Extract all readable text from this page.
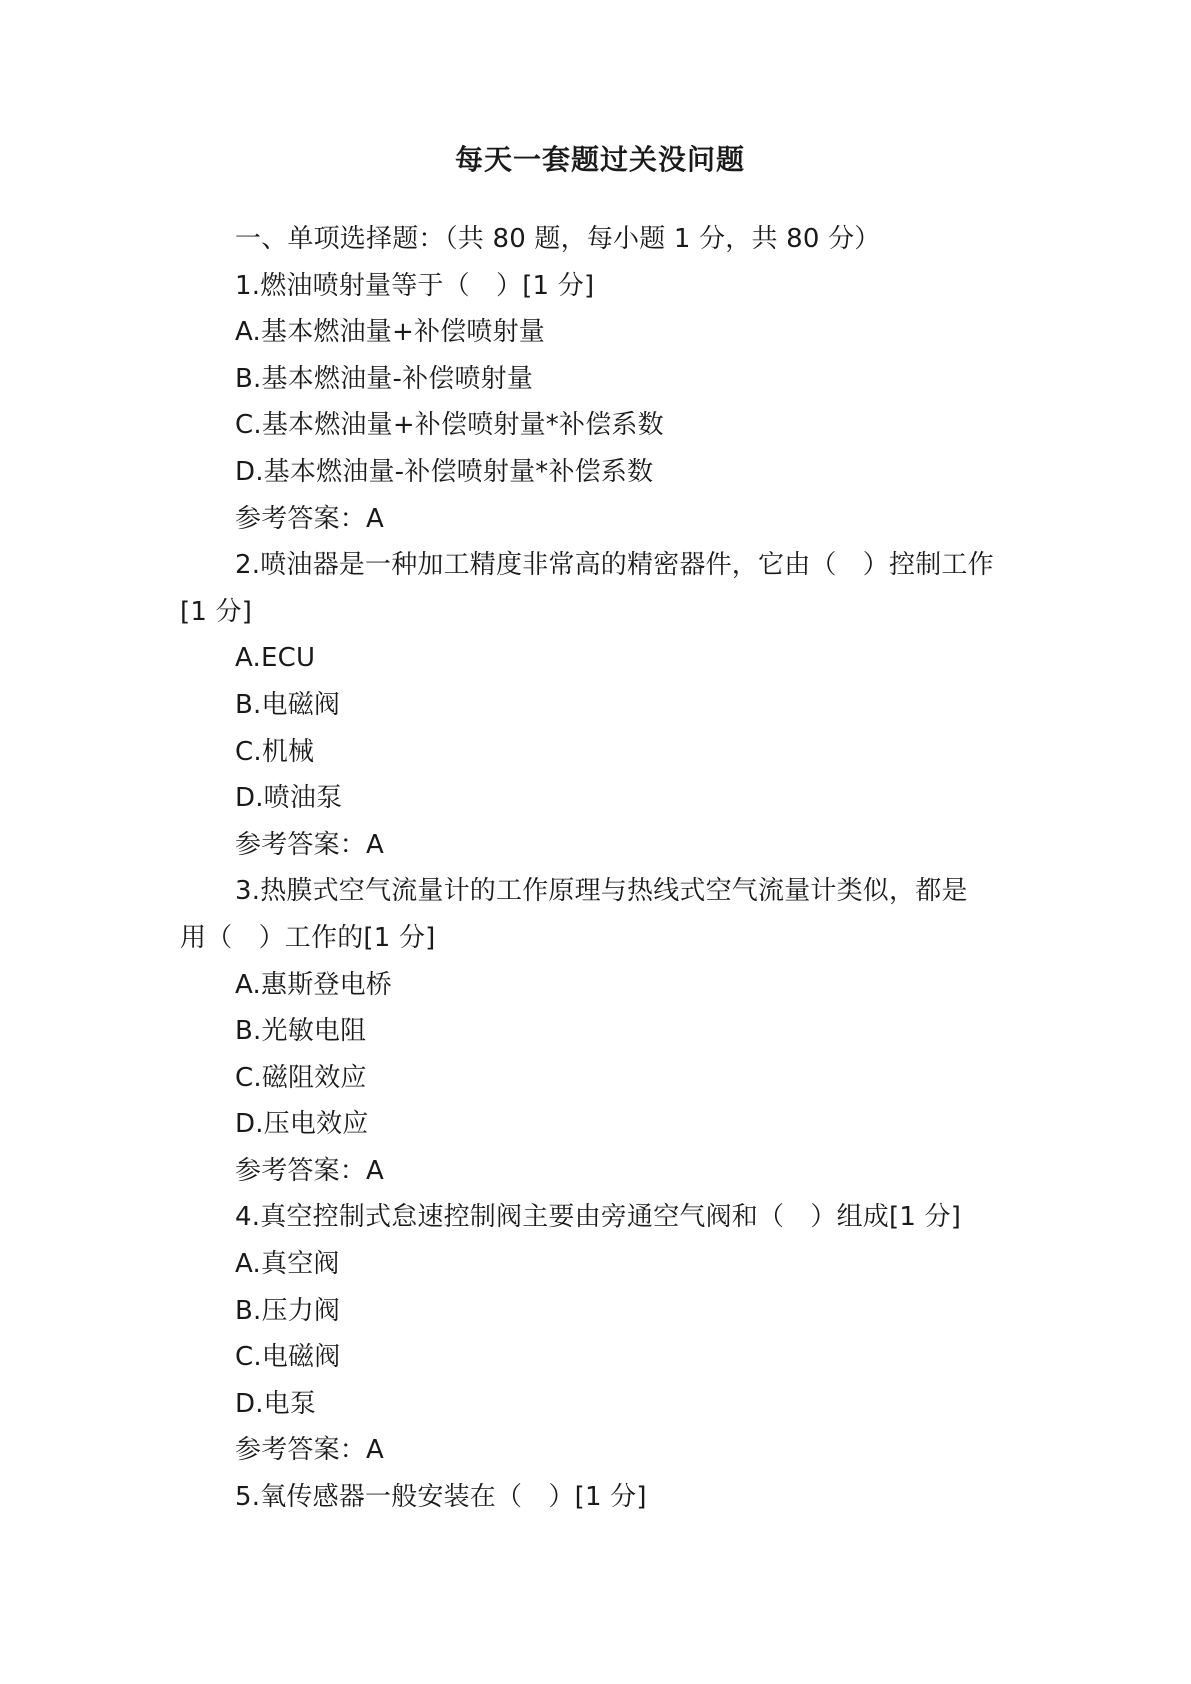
每天一套题过关没问题
一、单项选择题：（共 80 题，每小题 1 分，共 80 分）
1.燃油喷射量等于（　）[1 分]
A.基本燃油量+补偿喷射量
B.基本燃油量-补偿喷射量
C.基本燃油量+补偿喷射量*补偿系数
D.基本燃油量-补偿喷射量*补偿系数
参考答案：A
2.喷油器是一种加工精度非常高的精密器件，它由（　）控制工作
[1 分]
A.ECU
B.电磁阀
C.机械
D.喷油泵
参考答案：A
3.热膜式空气流量计的工作原理与热线式空气流量计类似，都是
用（　）工作的[1 分]
A.惠斯登电桥
B.光敏电阻
C.磁阻效应
D.压电效应
参考答案：A
4.真空控制式怠速控制阀主要由旁通空气阀和（　）组成[1 分]
A.真空阀
B.压力阀
C.电磁阀
D.电泵
参考答案：A
5.氧传感器一般安装在（　）[1 分]
